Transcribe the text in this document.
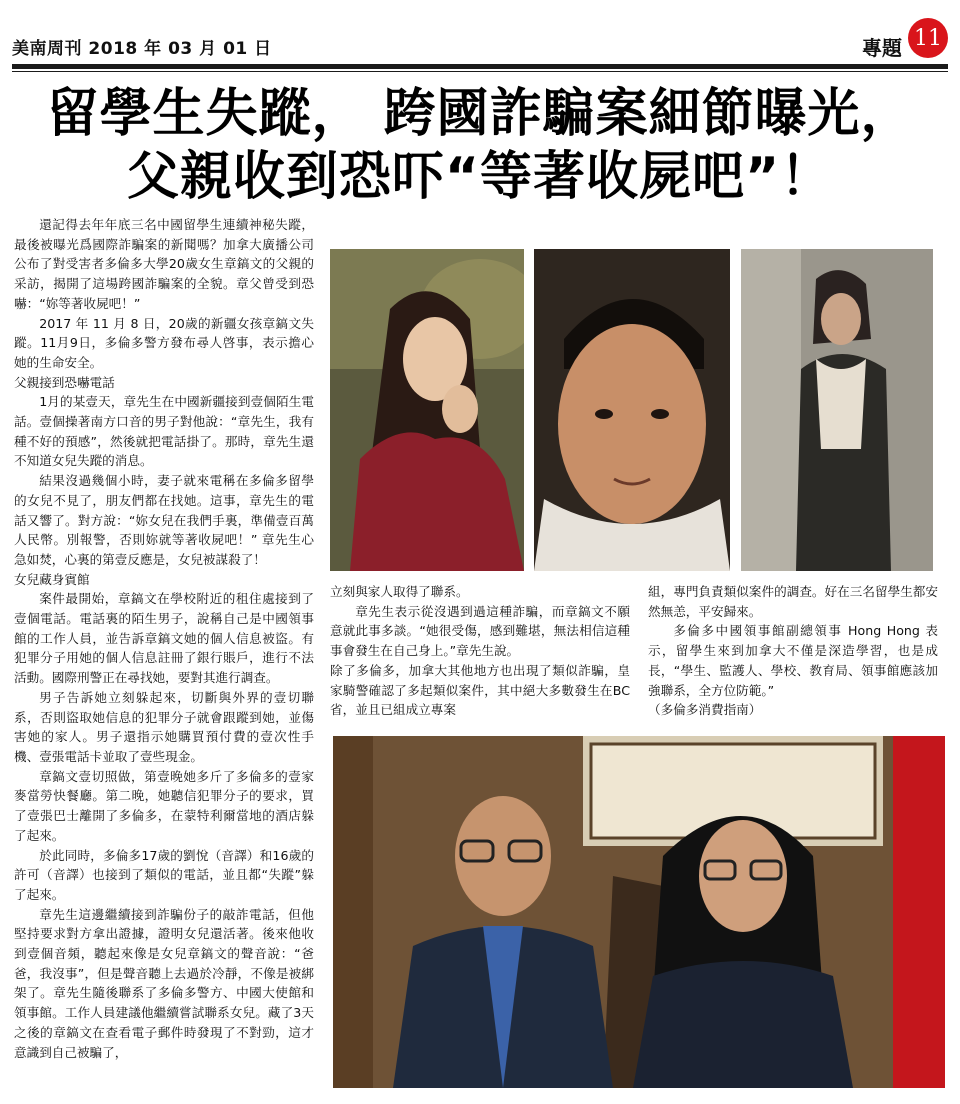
美南周刊 2018 年 03 月 01 日	專題 11
留學生失蹤， 跨國詐騙案細節曝光，
父親收到恐吓“等著收屍吧”！

還記得去年年底三名中國留學生連續神秘失蹤，最後被曝光爲國際詐騙案的新聞嗎？加拿大廣播公司公布了對受害者多倫多大學20歲女生章鎬文的父親的采訪，揭開了這場跨國詐騙案的全貌。章父曾受到恐嚇：“妳等著收屍吧！”

2017 年 11 月 8 日，20歲的新疆女孩章鎬文失蹤。11月9日，多倫多警方發布尋人啓事，表示擔心她的生命安全。

父親接到恐嚇電話

1月的某壹天，章先生在中國新疆接到壹個陌生電話。壹個操著南方口音的男子對他說：“章先生，我有種不好的預感”，然後就把電話掛了。那時，章先生還不知道女兒失蹤的消息。

結果沒過幾個小時，妻子就來電稱在多倫多留學的女兒不見了，朋友們都在找她。這事，章先生的電話又響了。對方說：“妳女兒在我們手裏，準備壹百萬人民幣。別報警，否則妳就等著收屍吧！” 章先生心急如焚，心裏的第壹反應是，女兒被謀殺了！

女兒藏身賓館

案件最開始，章鎬文在學校附近的租住處接到了壹個電話。電話裏的陌生男子，說稱自己是中國領事館的工作人員，並告訴章鎬文她的個人信息被盜。有犯罪分子用她的個人信息註冊了銀行賬戶，進行不法活動。國際刑警正在尋找她，要對其進行調查。

男子告訴她立刻躲起來，切斷與外界的壹切聯系，否則盜取她信息的犯罪分子就會跟蹤到她，並傷害她的家人。男子還指示她購買預付費的壹次性手機、壹張電話卡並取了壹些現金。

章鎬文壹切照做，第壹晚她多斤了多倫多的壹家麥當勞快餐廳。第二晚，她聽信犯罪分子的要求，買了壹張巴士離開了多倫多，在蒙特利爾當地的酒店躲了起來。

於此同時，多倫多17歲的劉悅（音譯）和16歲的許可（音譯）也接到了類似的電話，並且都“失蹤”躲了起來。

章先生這邊繼續接到詐騙份子的敲詐電話，但他堅持要求對方拿出證據，證明女兒還活著。後來他收到壹個音頻，聽起來像是女兒章鎬文的聲音說：“爸爸，我沒事”，但是聲音聽上去過於冷靜，不像是被綁架了。章先生隨後聯系了多倫多警方、中國大使館和領事館。工作人員建議他繼續嘗試聯系女兒。藏了3天之後的章鎬文在查看電子郵件時發現了不對勁，這才意識到自己被騙了，

立刻與家人取得了聯系。

章先生表示從沒遇到過這種詐騙，而章鎬文不願意就此事多談。“她很受傷，感到難堪，無法相信這種事會發生在自己身上。”章先生說。

除了多倫多，加拿大其他地方也出現了類似詐騙，皇家騎警確認了多起類似案件，其中絕大多數發生在BC省，並且已組成立專案

組，專門負責類似案件的調查。好在三名留學生都安然無恙，平安歸來。

多倫多中國領事館副總領事 Hong Hong 表示，留學生來到加拿大不僅是深造學習，也是成長，“學生、監護人、學校、教育局、領事館應該加強聯系，全方位防範。”

（多倫多消費指南）
